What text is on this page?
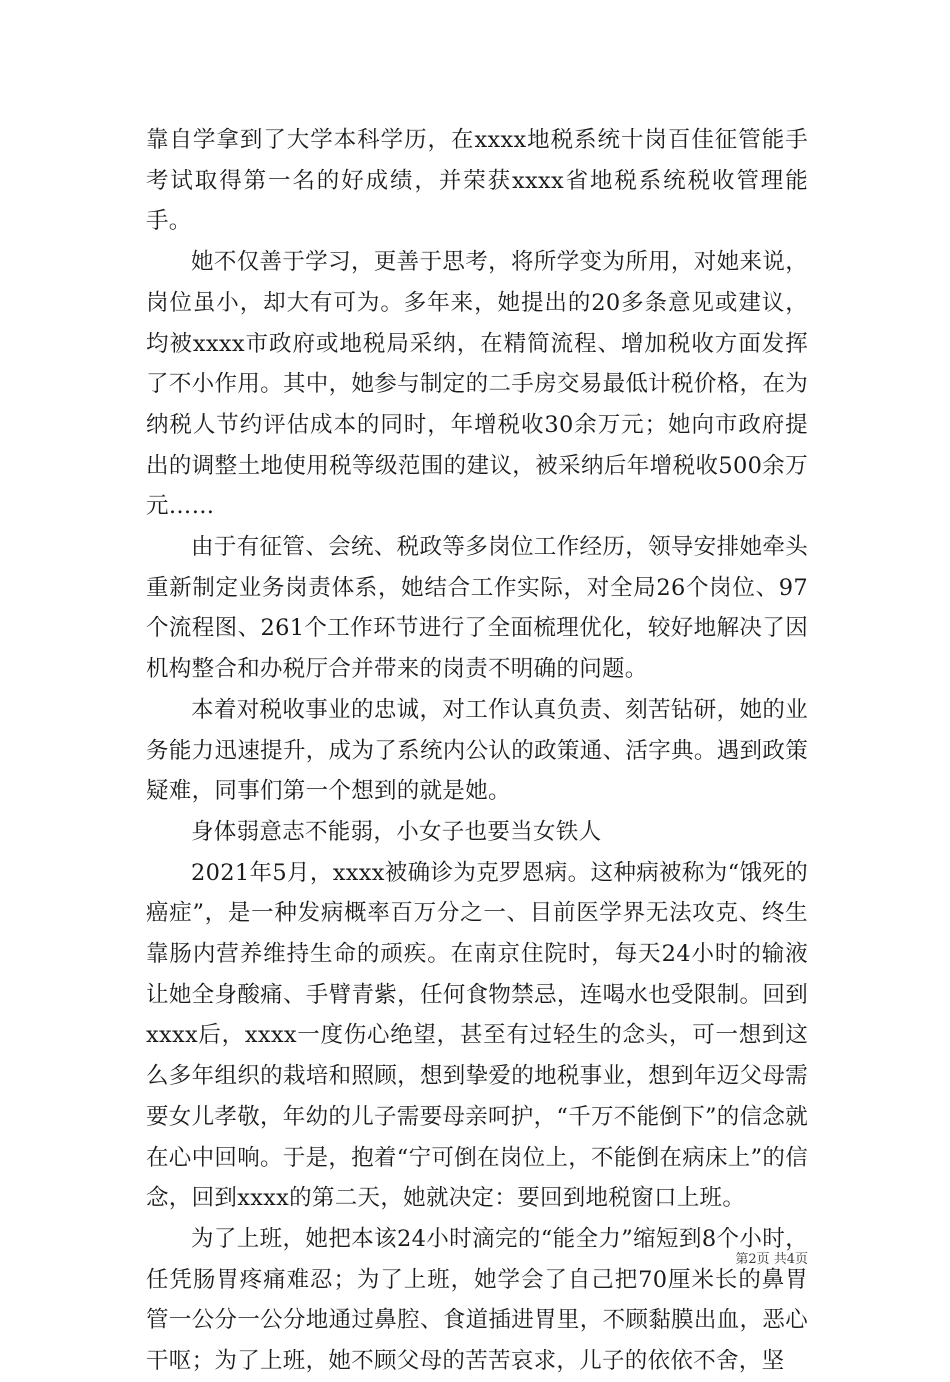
靠自学拿到了大学本科学历，在xxxx地税系统十岗百佳征管能手考试取得第一名的好成绩，并荣获xxxx省地税系统税收管理能手。

她不仅善于学习，更善于思考，将所学变为所用，对她来说，岗位虽小，却大有可为。多年来，她提出的20多条意见或建议，均被xxxx市政府或地税局采纳，在精简流程、增加税收方面发挥了不小作用。其中，她参与制定的二手房交易最低计税价格，在为纳税人节约评估成本的同时，年增税收30余万元；她向市政府提出的调整土地使用税等级范围的建议，被采纳后年增税收500余万元……

由于有征管、会统、税政等多岗位工作经历，领导安排她牵头重新制定业务岗责体系，她结合工作实际，对全局26个岗位、97个流程图、261个工作环节进行了全面梳理优化，较好地解决了因机构整合和办税厅合并带来的岗责不明确的问题。

本着对税收事业的忠诚，对工作认真负责、刻苦钻研，她的业务能力迅速提升，成为了系统内公认的政策通、活字典。遇到政策疑难，同事们第一个想到的就是她。

身体弱意志不能弱，小女子也要当女铁人

2021年5月，xxxx被确诊为克罗恩病。这种病被称为“饿死的癌症”，是一种发病概率百万分之一、目前医学界无法攻克、终生靠肠内营养维持生命的顽疾。在南京住院时，每天24小时的输液让她全身酸痛、手臂青紫，任何食物禁忌，连喝水也受限制。回到xxxx后，xxxx一度伤心绝望，甚至有过轻生的念头，可一想到这么多年组织的栽培和照顾，想到挚爱的地税事业，想到年迈父母需要女儿孝敬，年幼的儿子需要母亲呵护，“千万不能倒下”的信念就在心中回响。于是，抱着“宁可倒在岗位上，不能倒在病床上”的信念，回到xxxx的第二天，她就决定：要回到地税窗口上班。

为了上班，她把本该24小时滴完的“能全力”缩短到8个小时，任凭肠胃疼痛难忍；为了上班，她学会了自己把70厘米长的鼻胃管一公分一公分地通过鼻腔、食道插进胃里，不顾黏膜出血，恶心干呕；为了上班，她不顾父母的苦苦哀求，儿子的依依不舍，坚

第2页 共4页
